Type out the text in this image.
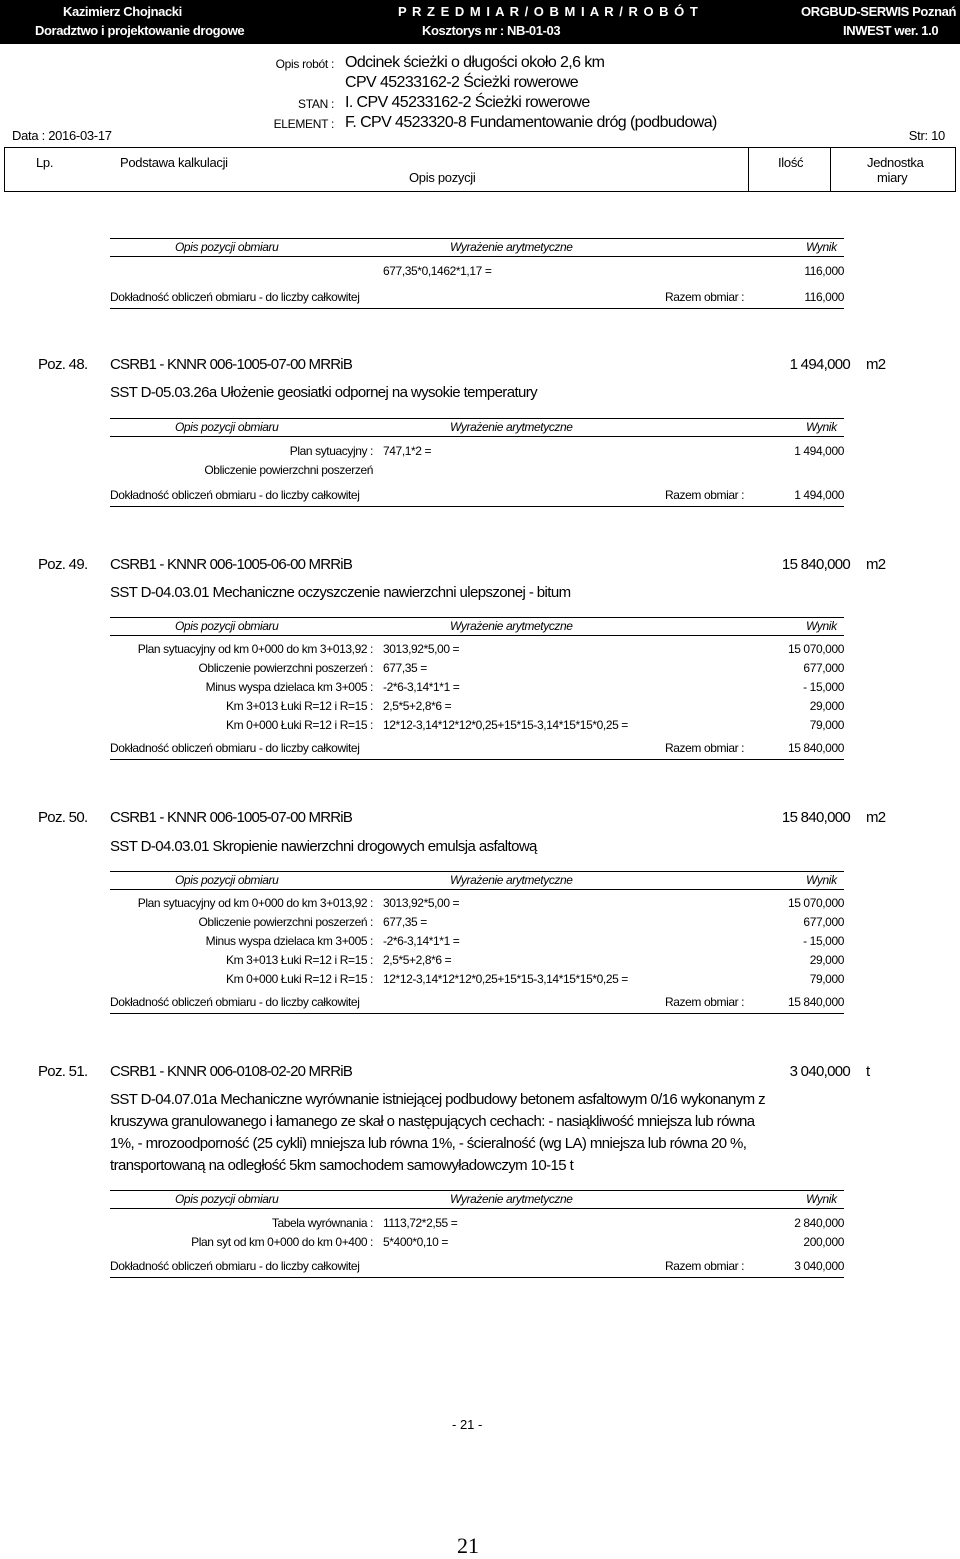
Kazimierz Chojnacki	P R Z E D M I A R / O B M I A R / R O B Ó T	ORGBUD-SERWIS Poznań
Doradztwo i projektowanie drogowe	Kosztorys nr : NB-01-03	INWEST wer. 1.0
Opis robót : Odcinek ścieżki o długości około 2,6 km
CPV 45233162-2 Ścieżki rowerowe
STAN : I. CPV 45233162-2 Ścieżki rowerowe
ELEMENT : F. CPV 4523320-8 Fundamentowanie dróg (podbudowa)
Data : 2016-03-17	Str: 10
Lp.	Podstawa kalkulacji
Opis pozycji
Ilość	Jednostka
miary
Opis pozycji obmiaru	Wyrażenie arytmetyczne	Wynik
677,35*0,1462*1,17 =	116,000
Dokładność obliczeń obmiaru - do liczby całkowitej	Razem obmiar :	116,000
Poz. 48. CSRB1 - KNNR 006-1005-07-00 MRRiB	1 494,000 m2
SST D-05.03.26a Ułożenie geosiatki odpornej na wysokie temperatury
Opis pozycji obmiaru	Wyrażenie arytmetyczne	Wynik
Plan sytuacyjny : 747,1*2 =	1 494,000
Obliczenie powierzchni poszerzeń
Dokładność obliczeń obmiaru - do liczby całkowitej	Razem obmiar :	1 494,000
Poz. 49. CSRB1 - KNNR 006-1005-06-00 MRRiB	15 840,000 m2
SST D-04.03.01 Mechaniczne oczyszczenie nawierzchni ulepszonej - bitum
Opis pozycji obmiaru	Wyrażenie arytmetyczne	Wynik
Plan sytuacyjny od km 0+000 do km 3+013,92 : 3013,92*5,00 =	15 070,000
Obliczenie powierzchni poszerzeń : 677,35 =	677,000
Minus wyspa dzielaca km 3+005 : -2*6-3,14*1*1 =	- 15,000
Km 3+013 Łuki R=12 i R=15 : 2,5*5+2,8*6 =	29,000
Km 0+000 Łuki R=12 i R=15 : 12*12-3,14*12*12*0,25+15*15-3,14*15*15*0,25 =	79,000
Dokładność obliczeń obmiaru - do liczby całkowitej	Razem obmiar :	15 840,000
Poz. 50. CSRB1 - KNNR 006-1005-07-00 MRRiB	15 840,000 m2
SST D-04.03.01 Skropienie nawierzchni drogowych emulsja asfaltową
Opis pozycji obmiaru	Wyrażenie arytmetyczne	Wynik
Plan sytuacyjny od km 0+000 do km 3+013,92 : 3013,92*5,00 =	15 070,000
Obliczenie powierzchni poszerzeń : 677,35 =	677,000
Minus wyspa dzielaca km 3+005 : -2*6-3,14*1*1 =	- 15,000
Km 3+013 Łuki R=12 i R=15 : 2,5*5+2,8*6 =	29,000
Km 0+000 Łuki R=12 i R=15 : 12*12-3,14*12*12*0,25+15*15-3,14*15*15*0,25 =	79,000
Dokładność obliczeń obmiaru - do liczby całkowitej	Razem obmiar :	15 840,000
Poz. 51. CSRB1 - KNNR 006-0108-02-20 MRRiB	3 040,000 t
SST D-04.07.01a Mechaniczne wyrównanie istniejącej podbudowy betonem asfaltowym 0/16 wykonanym z kruszywa granulowanego i łamanego ze skał o następujących cechach: - nasiąkliwość mniejsza lub równa 1%, - mrozoodporność (25 cykli) mniejsza lub równa 1%, - ścieralność (wg LA) mniejsza lub równa 20 %, transportowaną na odległość 5km samochodem samowyładowczym 10-15 t
Opis pozycji obmiaru	Wyrażenie arytmetyczne	Wynik
Tabela wyrównania : 1113,72*2,55 =	2 840,000
Plan syt od km 0+000 do km 0+400 : 5*400*0,10 =	200,000
Dokładność obliczeń obmiaru - do liczby całkowitej	Razem obmiar :	3 040,000
- 21 -
21
